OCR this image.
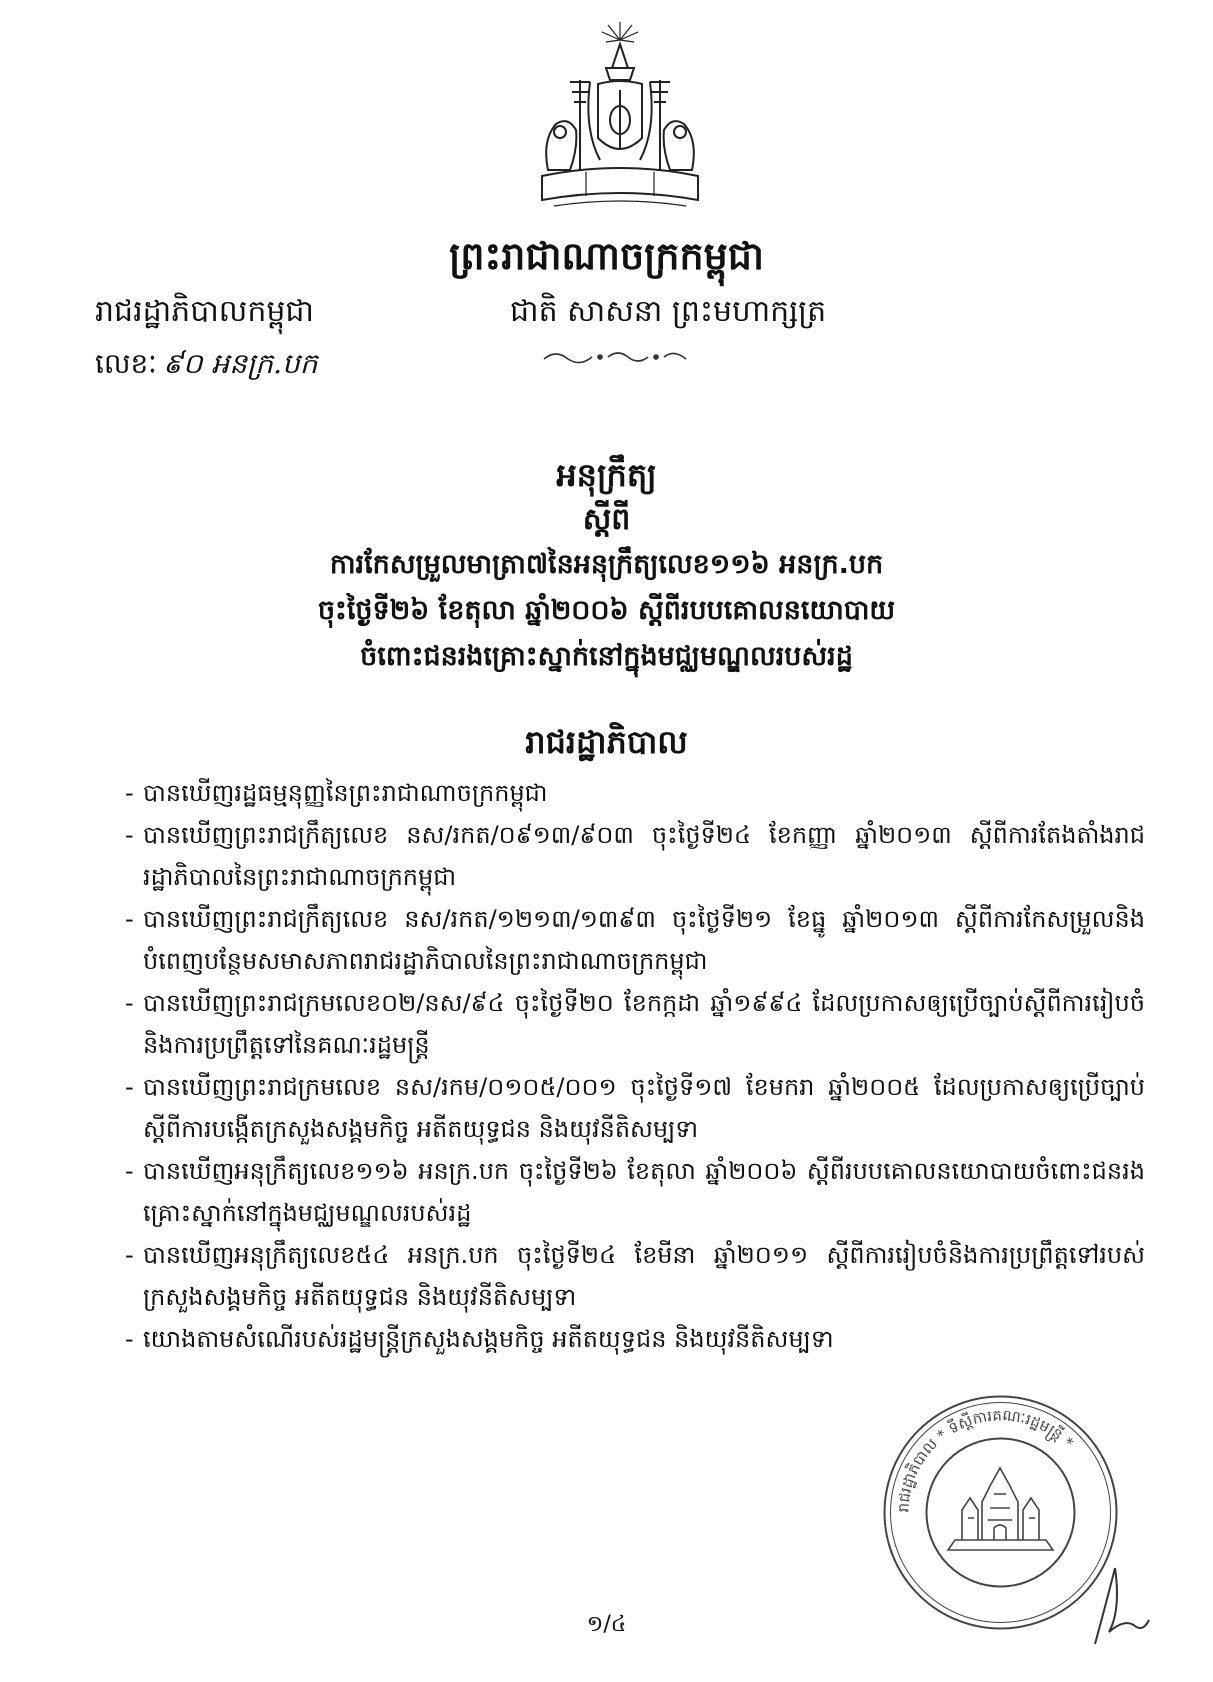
ព្រះរាជាណាចក្រកម្ពុជា
រាជរដ្ឋាភិបាលកម្ពុជា	ជាតិ សាសនា ព្រះមហាក្សត្រ
លេខៈ ៩០ អនក្រ.បក
អនុក្រឹត្យ
ស្ដីពី
ការកែសម្រួលមាត្រា៧នៃអនុក្រឹត្យលេខ១១៦ អនក្រ.បក
ចុះថ្ងៃទី២៦ ខែតុលា ឆ្នាំ២០០៦ ស្ដីពីរបបគោលនយោបាយ
ចំពោះជនរងគ្រោះស្នាក់នៅក្នុងមជ្ឈមណ្ឌលរបស់រដ្ឋ
រាជរដ្ឋាភិបាល
- បានឃើញរដ្ឋធម្មនុញ្ញនៃព្រះរាជាណាចក្រកម្ពុជា
- បានឃើញព្រះរាជក្រឹត្យលេខ នស/រកត/០៩១៣/៩០៣ ចុះថ្ងៃទី២៤ ខែកញ្ញា ឆ្នាំ២០១៣ ស្ដីពីការតែងតាំងរាជរដ្ឋាភិបាលនៃព្រះរាជាណាចក្រកម្ពុជា
- បានឃើញព្រះរាជក្រឹត្យលេខ នស/រកត/១២១៣/១៣៩៣ ចុះថ្ងៃទី២១ ខែធ្នូ ឆ្នាំ២០១៣ ស្ដីពីការកែសម្រួលនិងបំពេញបន្ថែមសមាសភាពរាជរដ្ឋាភិបាលនៃព្រះរាជាណាចក្រកម្ពុជា
- បានឃើញព្រះរាជក្រមលេខ០២/នស/៩៤ ចុះថ្ងៃទី២០ ខែកក្កដា ឆ្នាំ១៩៩៤ ដែលប្រកាសឲ្យប្រើច្បាប់ស្ដីពីការរៀបចំនិងការប្រព្រឹត្តទៅនៃគណៈរដ្ឋមន្ត្រី
- បានឃើញព្រះរាជក្រមលេខ នស/រកម/០១០៥/០០១ ចុះថ្ងៃទី១៧ ខែមករា ឆ្នាំ២០០៥ ដែលប្រកាសឲ្យប្រើច្បាប់ស្ដីពីការបង្កើតក្រសួងសង្គមកិច្ច អតីតយុទ្ធជន និងយុវនីតិសម្បទា
- បានឃើញអនុក្រឹត្យលេខ១១៦ អនក្រ.បក ចុះថ្ងៃទី២៦ ខែតុលា ឆ្នាំ២០០៦ ស្ដីពីរបបគោលនយោបាយចំពោះជនរងគ្រោះស្នាក់នៅក្នុងមជ្ឈមណ្ឌលរបស់រដ្ឋ
- បានឃើញអនុក្រឹត្យលេខ៥៤ អនក្រ.បក ចុះថ្ងៃទី២៤ ខែមីនា ឆ្នាំ២០១១ ស្ដីពីការរៀបចំនិងការប្រព្រឹត្តទៅរបស់ក្រសួងសង្គមកិច្ច អតីតយុទ្ធជន និងយុវនីតិសម្បទា
- យោងតាមសំណើរបស់រដ្ឋមន្ត្រីក្រសួងសង្គមកិច្ច អតីតយុទ្ធជន និងយុវនីតិសម្បទា
រាជរដ្ឋាភិបាល * ទីស្ដីការគណៈរដ្ឋមន្ត្រី *
១/៤
